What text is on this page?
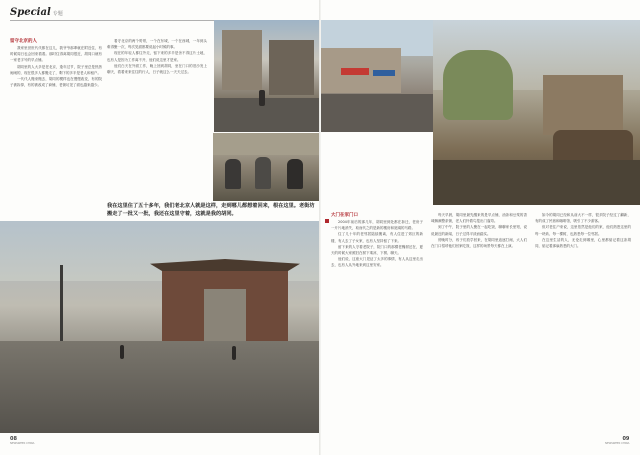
Special 专题
留守北京的人

我家里世世代代都在这儿，我爷爷那辈就在附近住，有时候周日也会回来看看。那时住得离胡同很近，胡同口就有一家老字号的早点铺。

胡同里的人大多是老北京，逢年过节，院子里总是热热闹闹的，现在很多人都搬走了，剩下的多半是老人和租户。

一代代人搬来搬去，胡同的模样也在慢慢改变，有的院子被拆掉，有的被改成了商铺，老街坊见了面也越来越少。

看守北京的两个哥哥，一个在东城，一个在西城，一年到头难得聚一次，每次见面都要说起小时候的事。

现在的年轻人都往外走，留下来的多半是舍不得这片土地，也有人是因为工作离不开，他们说这里才是家。

他们白天在外面工作，晚上回到胡同，坐在门口的旧沙发上聊天，看着来来往往的行人，日子就这么一天天过去。

我在这里住了五十多年，我们老北京人就是这样，走到哪儿都想着回来，根在这里。老街坊搬走了一批又一批，我还在这里守着，这就是我的胡同。	大门在家门口

2004年前后的那几年，胡同里到处都在拆迁，老房子一片片地消失，取而代之的是新的楼房和宽阔的马路。

住了几十年的老邻居陆续搬离，有人住进了郊区的新楼，有人去了子女家，也有人坚持留了下来。

留下来的人守着老院子，院门口的那棵老槐树还在，夏天的时候大家照旧在树下乘凉、下棋、聊天。

他们说，这座大门见证了太多的事情，有人从这里走出去，也有人从外地来到这里安家。

每天早晨，胡同里最先醒来的是早点铺，油条和豆浆的香味飘满整条街，老人们拎着鸟笼出门遛弯。

到了中午，院子里的人聚在一起吃饭，聊聊家长里短，说说最近的新闻，日子过得平淡而踏实。

傍晚时分，孩子们放学回来，在胡同里追逐打闹，大人们在门口招呼他们回家吃饭，这样的场景每天都在上演。

如今的胡同已经和从前大不一样，很多院子经过了翻新，有的成了民宿和咖啡馆，吸引了不少游客。

但对老住户来说，这里依然是他们的家，他们熟悉这里的每一块砖、每一棵树，也熟悉每一位邻居。

在这里生活的人，无论走到哪里，心里都惦记着这条胡同，惦记着那扇熟悉的大门。

08
NEWSWEEK CHINA
09
NEWSWEEK CHINA
